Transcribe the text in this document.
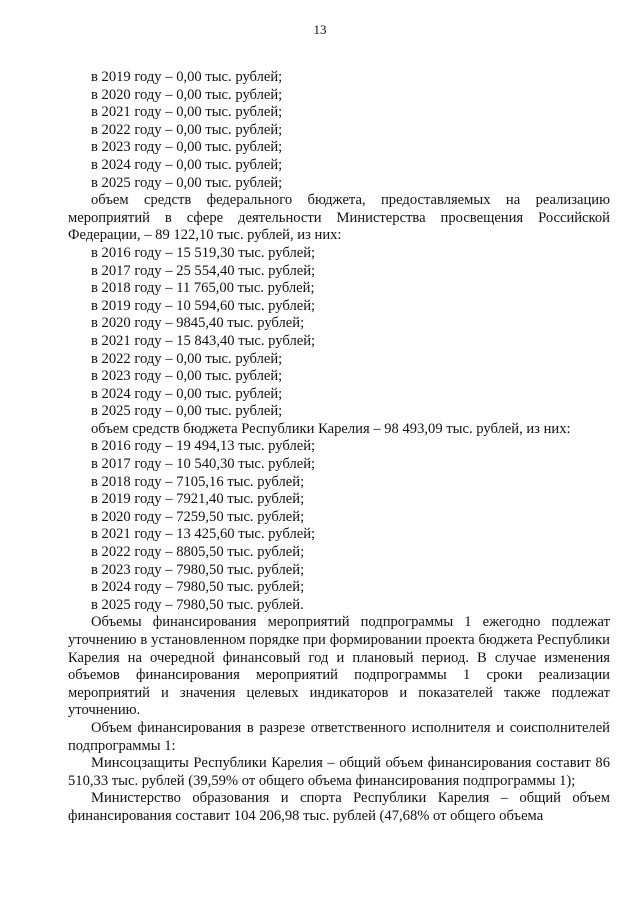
13
в 2019 году – 0,00 тыс. рублей;
в 2020 году – 0,00 тыс. рублей;
в 2021 году – 0,00 тыс. рублей;
в 2022 году – 0,00 тыс. рублей;
в 2023 году – 0,00 тыс. рублей;
в 2024 году – 0,00 тыс. рублей;
в 2025 году – 0,00 тыс. рублей;
объем средств федерального бюджета, предоставляемых на реализацию мероприятий в сфере деятельности Министерства просвещения Российской Федерации, – 89 122,10 тыс. рублей, из них:
в 2016 году – 15 519,30 тыс. рублей;
в 2017 году – 25 554,40 тыс. рублей;
в 2018 году – 11 765,00 тыс. рублей;
в 2019 году – 10 594,60 тыс. рублей;
в 2020 году – 9845,40 тыс. рублей;
в 2021 году – 15 843,40 тыс. рублей;
в 2022 году – 0,00 тыс. рублей;
в 2023 году – 0,00 тыс. рублей;
в 2024 году – 0,00 тыс. рублей;
в 2025 году – 0,00 тыс. рублей;
объем средств бюджета Республики Карелия – 98 493,09 тыс. рублей, из них:
в 2016 году – 19 494,13 тыс. рублей;
в 2017 году – 10 540,30 тыс. рублей;
в 2018 году – 7105,16 тыс. рублей;
в 2019 году – 7921,40 тыс. рублей;
в 2020 году – 7259,50 тыс. рублей;
в 2021 году – 13 425,60 тыс. рублей;
в 2022 году – 8805,50 тыс. рублей;
в 2023 году – 7980,50 тыс. рублей;
в 2024 году – 7980,50 тыс. рублей;
в 2025 году – 7980,50 тыс. рублей.
Объемы финансирования мероприятий подпрограммы 1 ежегодно подлежат уточнению в установленном порядке при формировании проекта бюджета Республики Карелия на очередной финансовый год и плановый период. В случае изменения объемов финансирования мероприятий подпрограммы 1 сроки реализации мероприятий и значения целевых индикаторов и показателей также подлежат уточнению.
Объем финансирования в разрезе ответственного исполнителя и соисполнителей подпрограммы 1:
Минсоцзащиты Республики Карелия – общий объем финансирования составит 86 510,33 тыс. рублей (39,59% от общего объема финансирования подпрограммы 1);
Министерство образования и спорта Республики Карелия – общий объем финансирования составит 104 206,98 тыс. рублей (47,68% от общего объема
